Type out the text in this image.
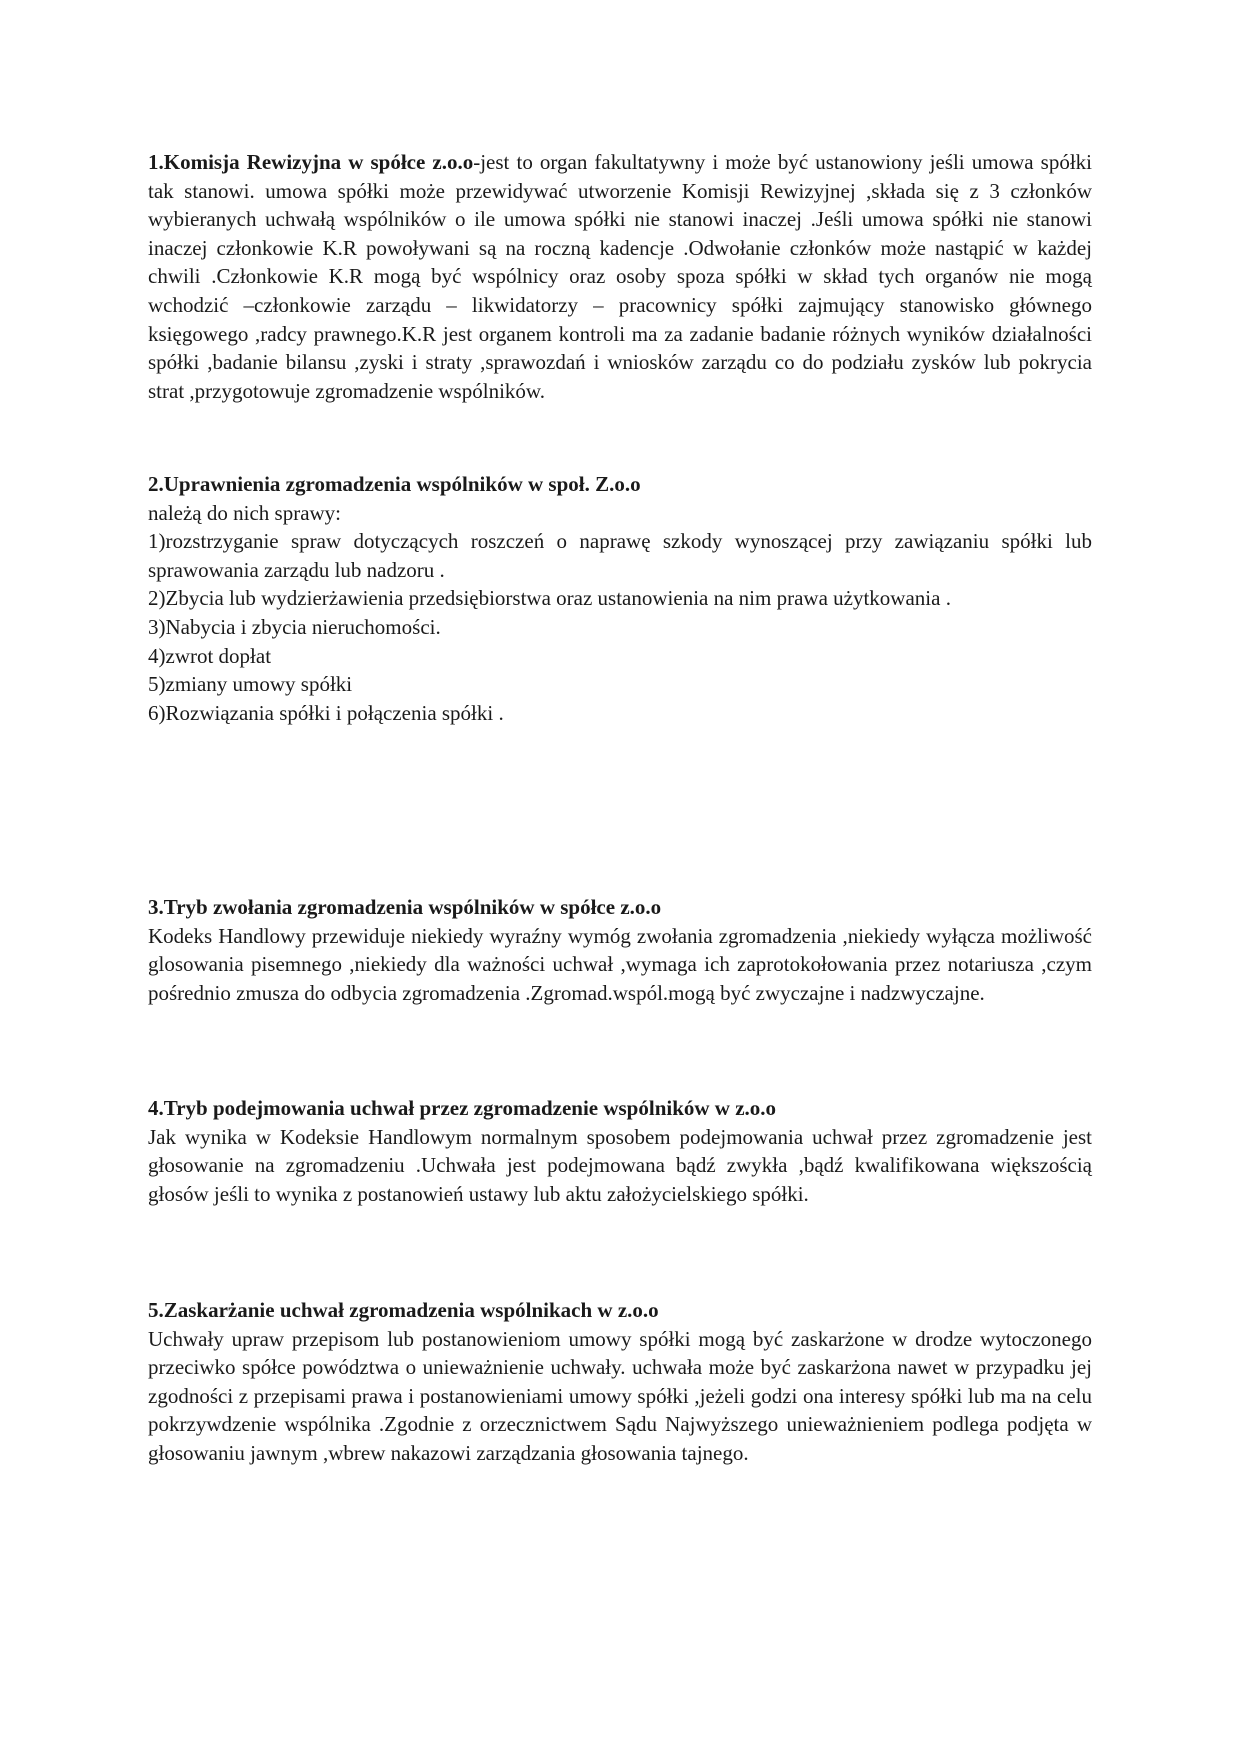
1.Komisja Rewizyjna w spółce z.o.o-jest to organ fakultatywny i może być ustanowiony jeśli umowa spółki tak stanowi. umowa spółki może przewidywać utworzenie Komisji Rewizyjnej ,składa się z 3 członków wybieranych uchwałą wspólników o ile umowa spółki nie stanowi inaczej .Jeśli umowa spółki nie stanowi inaczej członkowie K.R powoływani są na roczną kadencje .Odwołanie członków może nastąpić w każdej chwili .Członkowie K.R mogą być wspólnicy oraz osoby spoza spółki w skład tych organów nie mogą wchodzić –członkowie zarządu – likwidatorzy – pracownicy spółki zajmujący stanowisko głównego księgowego ,radcy prawnego.K.R jest organem kontroli ma za zadanie badanie różnych wyników działalności spółki ,badanie bilansu ,zyski i straty ,sprawozdań i wniosków zarządu co do podziału zysków lub pokrycia strat ,przygotowuje zgromadzenie wspólników.

2.Uprawnienia zgromadzenia wspólników w społ. Z.o.o

należą do nich sprawy:

1)rozstrzyganie spraw dotyczących roszczeń o naprawę szkody wynoszącej przy zawiązaniu spółki lub sprawowania zarządu lub nadzoru .

2)Zbycia lub wydzierżawienia przedsiębiorstwa oraz ustanowienia na nim prawa użytkowania .

3)Nabycia i zbycia nieruchomości.

4)zwrot dopłat

5)zmiany umowy spółki

6)Rozwiązania spółki i połączenia spółki .

3.Tryb zwołania zgromadzenia wspólników w spółce z.o.o

Kodeks Handlowy przewiduje niekiedy wyraźny wymóg zwołania zgromadzenia ,niekiedy wyłącza możliwość glosowania pisemnego ,niekiedy dla ważności uchwał ,wymaga ich zaprotokołowania przez notariusza ,czym pośrednio zmusza do odbycia zgromadzenia .Zgromad.wspól.mogą być zwyczajne i nadzwyczajne.

4.Tryb podejmowania uchwał przez zgromadzenie wspólników w z.o.o

Jak wynika w Kodeksie Handlowym normalnym sposobem podejmowania uchwał przez zgromadzenie jest głosowanie na zgromadzeniu .Uchwała jest podejmowana bądź zwykła ,bądź kwalifikowana większością głosów jeśli to wynika z postanowień ustawy lub aktu założycielskiego spółki.

5.Zaskarżanie uchwał zgromadzenia wspólnikach w z.o.o

Uchwały upraw przepisom lub postanowieniom umowy spółki mogą być zaskarżone w drodze wytoczonego przeciwko spółce powództwa o unieważnienie uchwały. uchwała może być zaskarżona nawet w przypadku jej zgodności z przepisami prawa i postanowieniami umowy spółki ,jeżeli godzi ona interesy spółki lub ma na celu pokrzywdzenie wspólnika .Zgodnie z orzecznictwem Sądu Najwyższego unieważnieniem podlega podjęta w głosowaniu jawnym ,wbrew nakazowi zarządzania głosowania tajnego.
